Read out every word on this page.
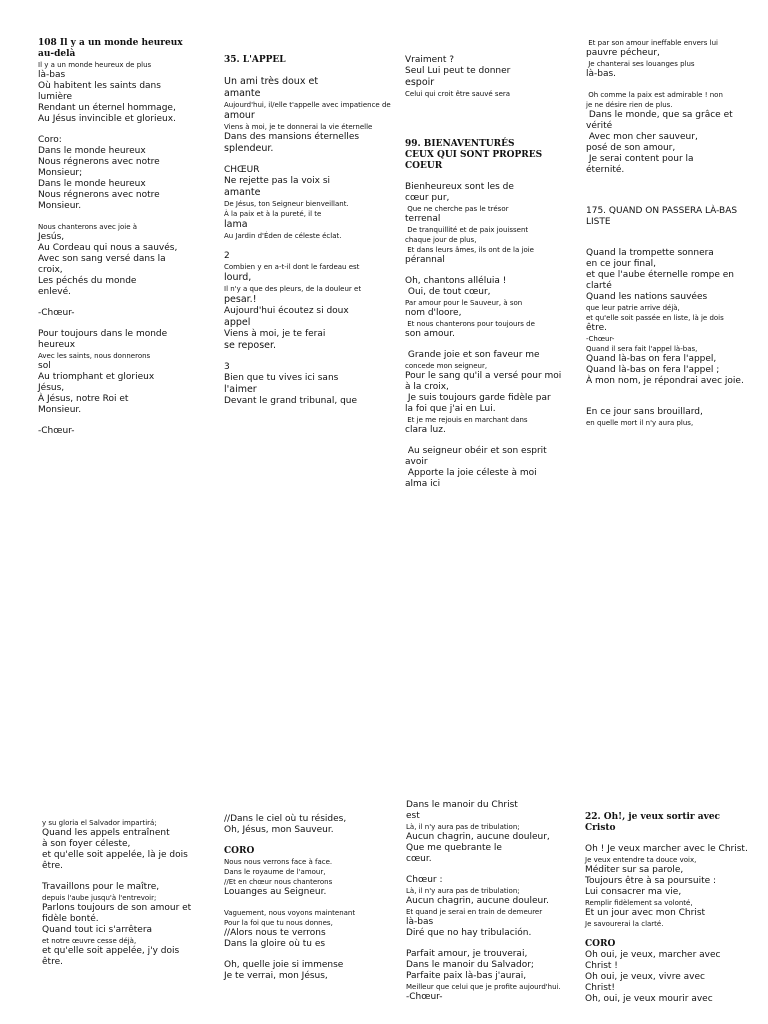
108 Il y a un monde heureux
au-delà
Il y a un monde heureux de plus
là-bas
Où habitent les saints dans
lumière
Rendant un éternel hommage,
Au Jésus invincible et glorieux.
Coro:
Dans le monde heureux
Nous régnerons avec notre
Monsieur;
Dans le monde heureux
Nous régnerons avec notre
Monsieur.
Nous chanterons avec joie à
Jesús,
Au Cordeau qui nous a sauvés,
Avec son sang versé dans la
croix,
Les péchés du monde
enlevé.
-Chœur-
Pour toujours dans le monde
heureux
Avec les saints, nous donnerons
sol
Au triomphant et glorieux
Jésus,
À Jésus, notre Roi et
Monsieur.
-Chœur-
35. L'APPEL
Un ami très doux et
amante
Aujourd'hui, il/elle t'appelle avec impatience de
amour
Viens à moi, je te donnerai la vie éternelle
Dans des mansions éternelles
splendeur.
CHŒUR
Ne rejette pas la voix si
amante
De Jésus, ton Seigneur bienveillant.
À la paix et à la pureté, il te
lama
Au Jardin d'Éden de céleste éclat.
2
Combien y en a-t-il dont le fardeau est
lourd,
Il n'y a que des pleurs, de la douleur et
pesar.!
Aujourd'hui écoutez si doux
appel
Viens à moi, je te ferai
se reposer.
3
Bien que tu vives ici sans
l'aimer
Devant le grand tribunal, que
Vraiment ?
Seul Lui peut te donner
espoir
Celui qui croit être sauvé sera
99. BIENAVENTURÉS
CEUX QUI SONT PROPRES
COEUR
Bienheureux sont les de
cœur pur,
Que ne cherche pas le trésor
terrenal
De tranquillité et de paix jouissent
chaque jour de plus,
Et dans leurs âmes, ils ont de la joie
pérannal
Oh, chantons alléluia !
Oui, de tout cœur,
Par amour pour le Sauveur, à son
nom d'loore,
Et nous chanterons pour toujours de
son amour.
Grande joie et son faveur me
concede mon seigneur,
Pour le sang qu'il a versé pour moi
à la croix,
Je suis toujours garde fidèle par
la foi que j'ai en Lui.
Et je me rejouis en marchant dans
clara luz.
Au seigneur obéir et son esprit
avoir
Apporte la joie céleste à moi
alma ici
Et par son amour ineffable envers lui
pauvre pécheur,
Je chanterai ses louanges plus
là-bas.
Oh comme la paix est admirable ! non
je ne désire rien de plus.
Dans le monde, que sa grâce et
vérité
Avec mon cher sauveur,
posé de son amour,
Je serai content pour la
éternité.
175. QUAND ON PASSERA LÀ-BAS
LISTE
Quand la trompette sonnera
en ce jour final,
et que l'aube éternelle rompe en
clarté
Quand les nations sauvées
que leur patrie arrive déjà,
et qu'elle soit passée en liste, là je dois
être.
-Chœur-
Quand il sera fait l'appel là-bas,
Quand là-bas on fera l'appel,
Quand là-bas on fera l'appel ;
À mon nom, je répondrai avec joie.
En ce jour sans brouillard,
en quelle mort il n'y aura plus,
y su gloria el Salvador impartirá;
Quand les appels entraînent
à son foyer céleste,
et qu'elle soit appelée, là je dois
être.
Travaillons pour le maître,
depuis l'aube jusqu'à l'entrevoir;
Parlons toujours de son amour et
fidèle bonté.
Quand tout ici s'arrêtera
et notre œuvre cesse déjà,
et qu'elle soit appelée, j'y dois
être.
//Dans le ciel où tu résides,
Oh, Jésus, mon Sauveur.
CORO
Nous nous verrons face à face.
Dans le royaume de l'amour,
//Et en chœur nous chanterons
Louanges au Seigneur.
Vaguement, nous voyons maintenant
Pour la foi que tu nous donnes,
//Alors nous te verrons
Dans la gloire où tu es
Oh, quelle joie si immense
Je te verrai, mon Jésus,
Dans le manoir du Christ
est
Là, il n'y aura pas de tribulation;
Aucun chagrin, aucune douleur,
Que me quebrante le
cœur.
Chœur :
Là, il n'y aura pas de tribulation;
Aucun chagrin, aucune douleur.
Et quand je serai en train de demeurer
là-bas
Diré que no hay tribulación.
Parfait amour, je trouverai,
Dans le manoir du Salvador;
Parfaite paix là-bas j'aurai,
Meilleur que celui que je profite aujourd'hui.
-Chœur-
22. Oh!, je veux sortir avec
Cristo
Oh ! Je veux marcher avec le Christ.
Je veux entendre ta douce voix,
Méditer sur sa parole,
Toujours être à sa poursuite :
Lui consacrer ma vie,
Remplir fidèlement sa volonté,
Et un jour avec mon Christ
Je savourerai la clarté.
CORO
Oh oui, je veux, marcher avec
Christ !
Oh oui, je veux, vivre avec
Christ!
Oh, oui, je veux mourir avec
